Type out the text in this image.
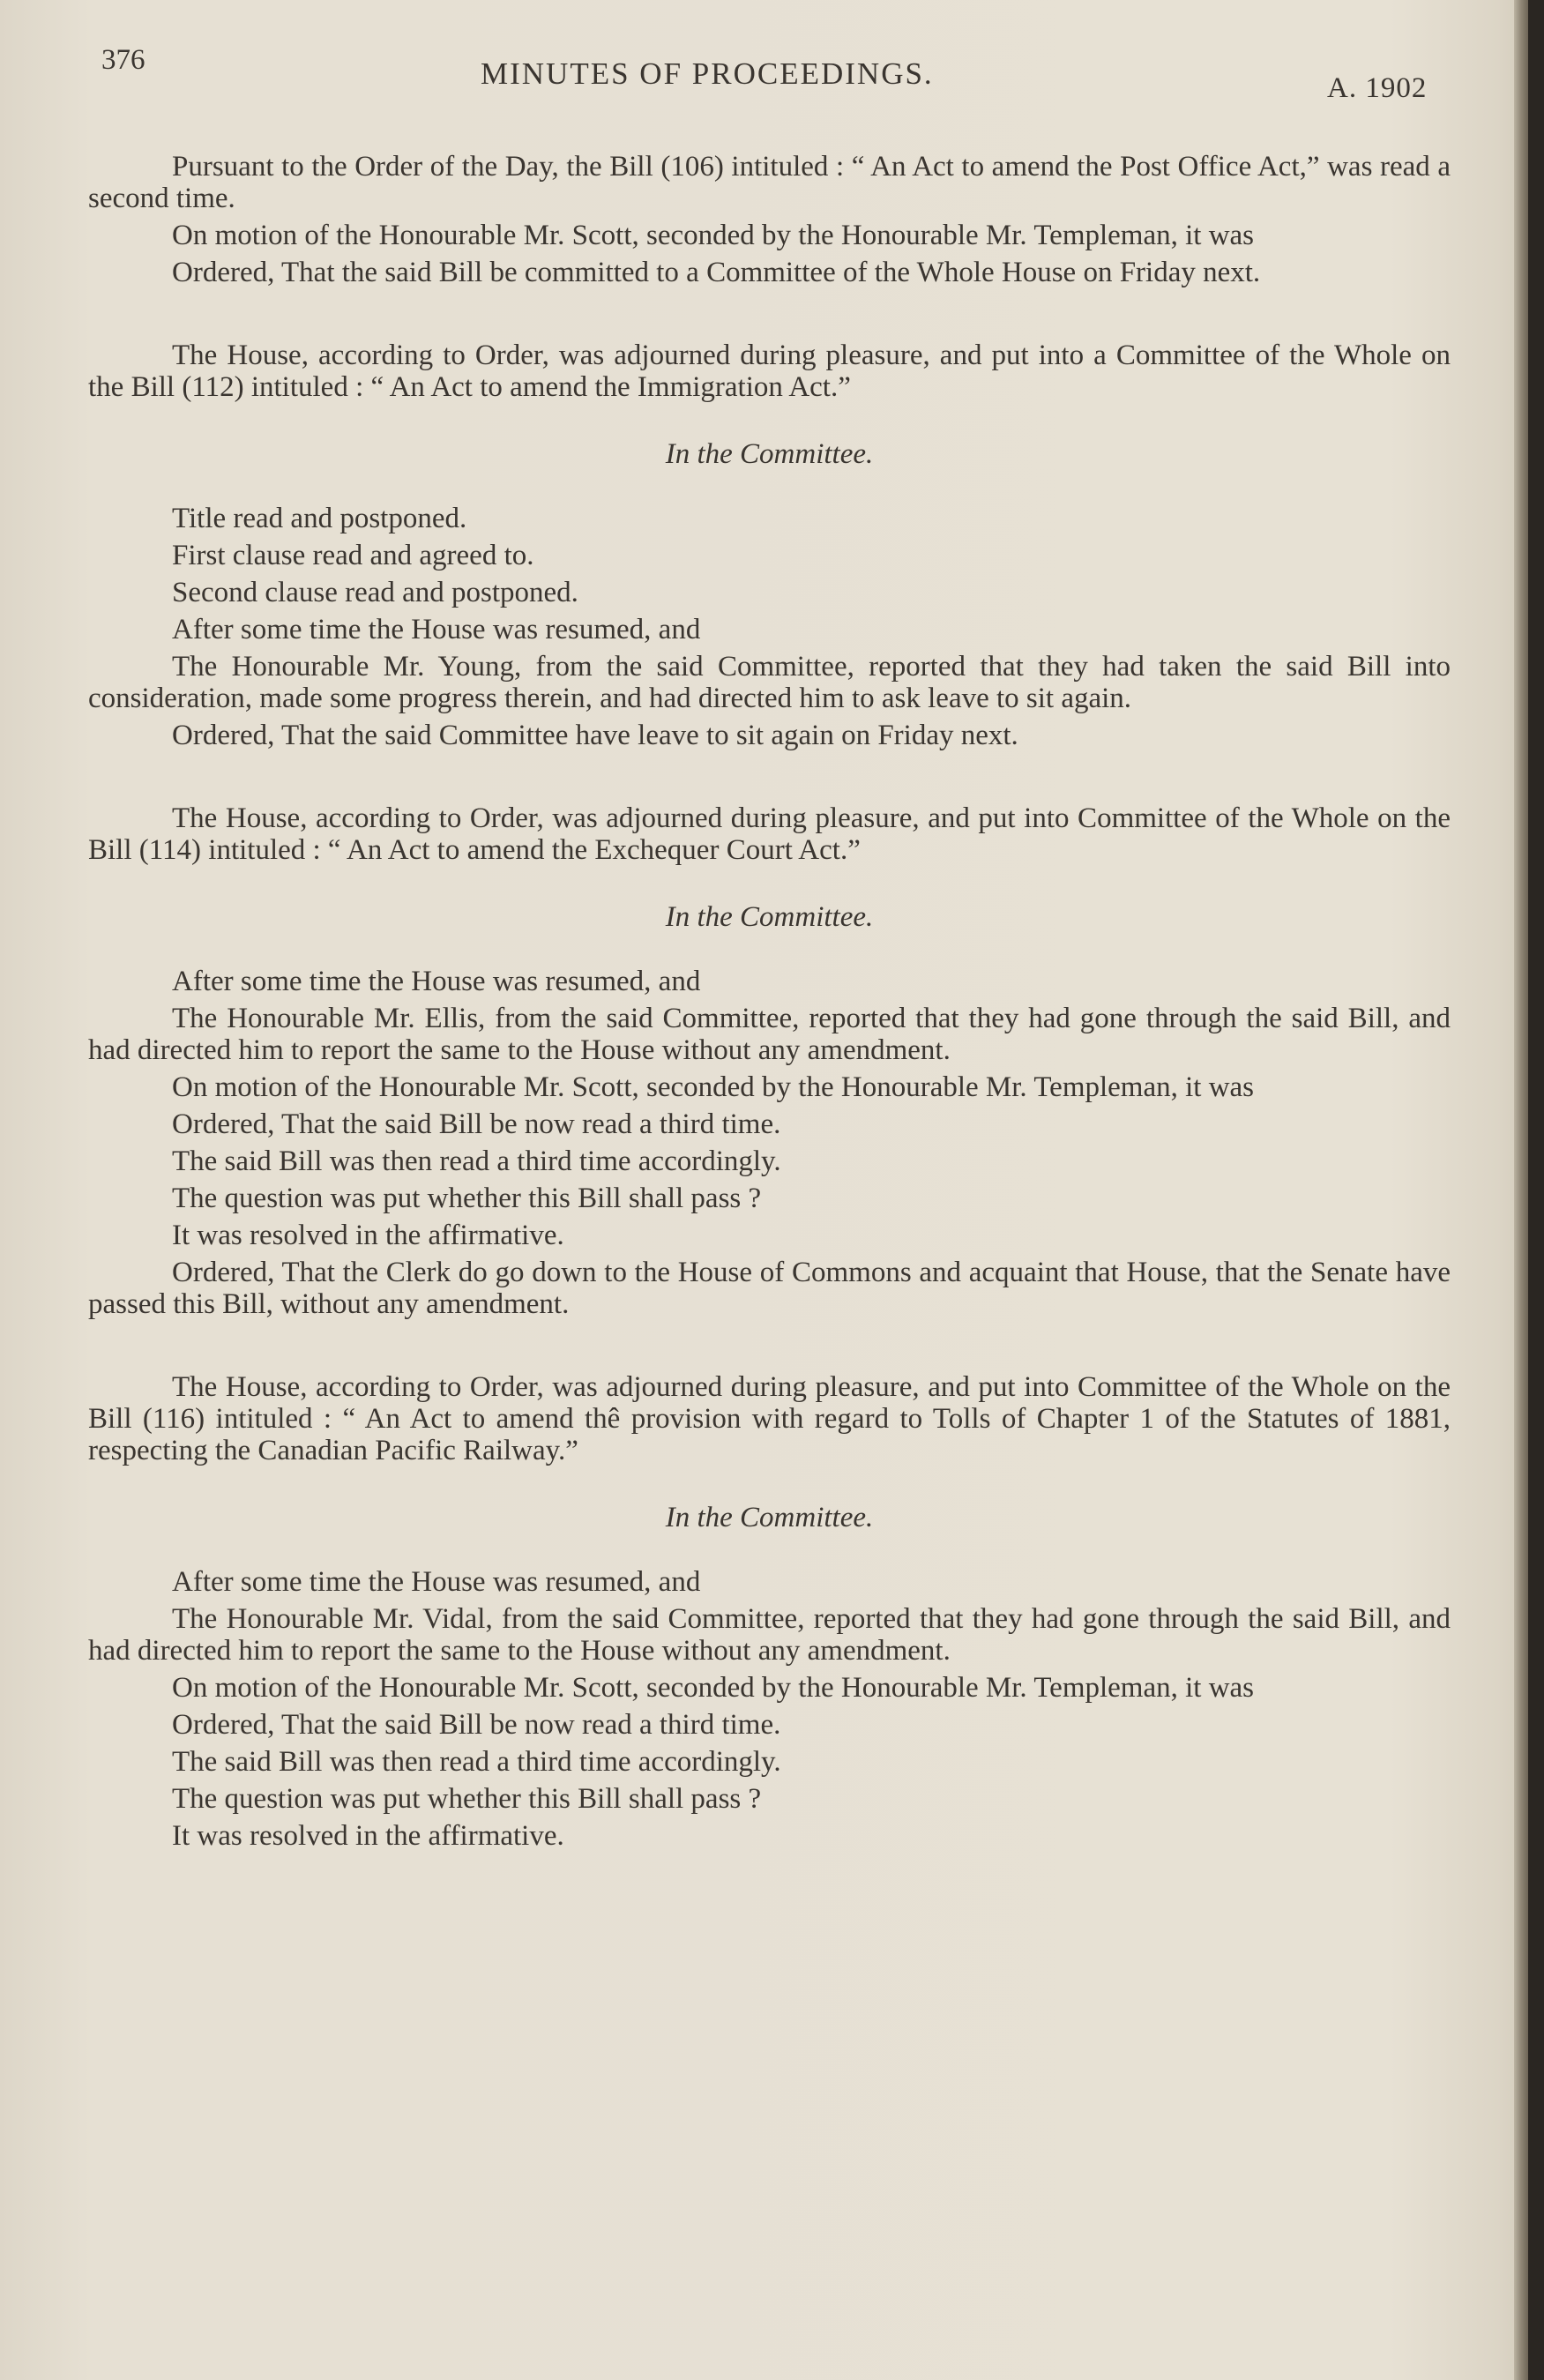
376	MINUTES OF PROCEEDINGS.	A. 1902

Pursuant to the Order of the Day, the Bill (106) intituled : “ An Act to amend the Post Office Act,” was read a second time.

On motion of the Honourable Mr. Scott, seconded by the Honourable Mr. Templeman, it was

Ordered, That the said Bill be committed to a Committee of the Whole House on Friday next.

The House, according to Order, was adjourned during pleasure, and put into a Committee of the Whole on the Bill (112) intituled : “ An Act to amend the Immigration Act.”

In the Committee.

Title read and postponed.

First clause read and agreed to.

Second clause read and postponed.

After some time the House was resumed, and

The Honourable Mr. Young, from the said Committee, reported that they had taken the said Bill into consideration, made some progress therein, and had directed him to ask leave to sit again.

Ordered, That the said Committee have leave to sit again on Friday next.

The House, according to Order, was adjourned during pleasure, and put into Committee of the Whole on the Bill (114) intituled : “ An Act to amend the Exchequer Court Act.”

In the Committee.

After some time the House was resumed, and

The Honourable Mr. Ellis, from the said Committee, reported that they had gone through the said Bill, and had directed him to report the same to the House without any amendment.

On motion of the Honourable Mr. Scott, seconded by the Honourable Mr. Templeman, it was

Ordered, That the said Bill be now read a third time.

The said Bill was then read a third time accordingly.

The question was put whether this Bill shall pass ?

It was resolved in the affirmative.

Ordered, That the Clerk do go down to the House of Commons and acquaint that House, that the Senate have passed this Bill, without any amendment.

The House, according to Order, was adjourned during pleasure, and put into Committee of the Whole on the Bill (116) intituled : “ An Act to amend thê provision with regard to Tolls of Chapter 1 of the Statutes of 1881, respecting the Canadian Pacific Railway.”

In the Committee.

After some time the House was resumed, and

The Honourable Mr. Vidal, from the said Committee, reported that they had gone through the said Bill, and had directed him to report the same to the House without any amendment.

On motion of the Honourable Mr. Scott, seconded by the Honourable Mr. Templeman, it was

Ordered, That the said Bill be now read a third time.

The said Bill was then read a third time accordingly.

The question was put whether this Bill shall pass ?

It was resolved in the affirmative.
